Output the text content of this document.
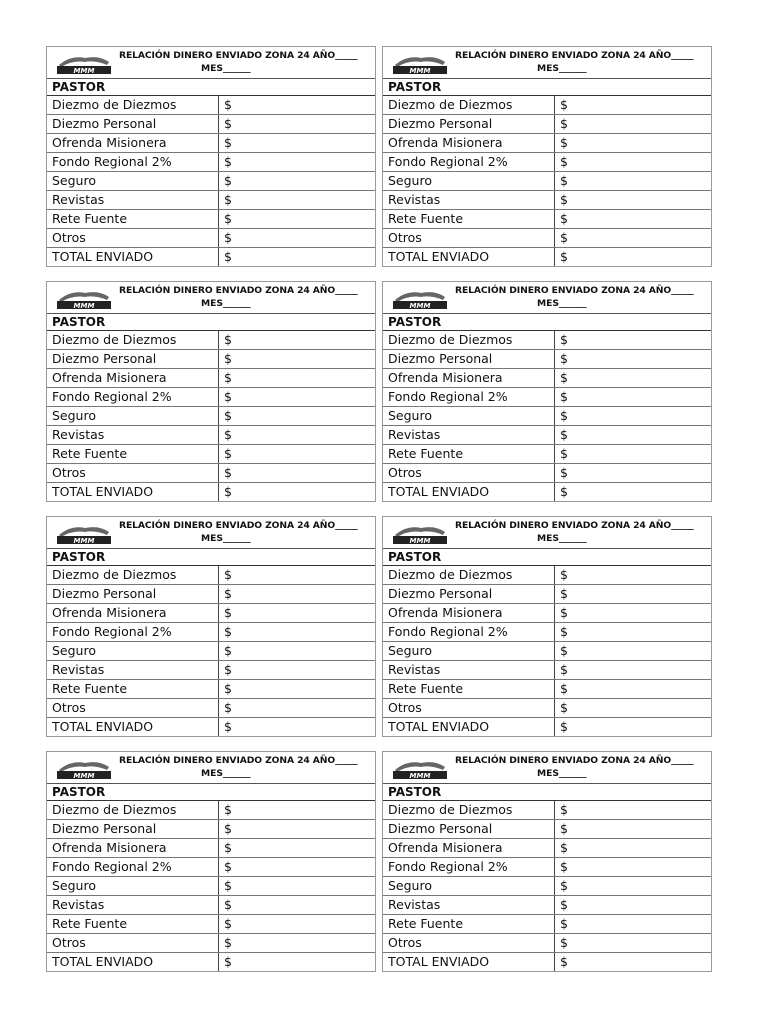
MMM
RELACIÓN DINERO ENVIADO ZONA 24 AÑO_____
MES______
PASTOR
Diezmo de Diezmos	$
Diezmo Personal	$
Ofrenda Misionera	$
Fondo Regional 2%	$
Seguro	$
Revistas	$
Rete Fuente	$
Otros	$
TOTAL ENVIADO	$
MMM
RELACIÓN DINERO ENVIADO ZONA 24 AÑO_____
MES______
PASTOR
Diezmo de Diezmos	$
Diezmo Personal	$
Ofrenda Misionera	$
Fondo Regional 2%	$
Seguro	$
Revistas	$
Rete Fuente	$
Otros	$
TOTAL ENVIADO	$
MMM
RELACIÓN DINERO ENVIADO ZONA 24 AÑO_____
MES______
PASTOR
Diezmo de Diezmos	$
Diezmo Personal	$
Ofrenda Misionera	$
Fondo Regional 2%	$
Seguro	$
Revistas	$
Rete Fuente	$
Otros	$
TOTAL ENVIADO	$
MMM
RELACIÓN DINERO ENVIADO ZONA 24 AÑO_____
MES______
PASTOR
Diezmo de Diezmos	$
Diezmo Personal	$
Ofrenda Misionera	$
Fondo Regional 2%	$
Seguro	$
Revistas	$
Rete Fuente	$
Otros	$
TOTAL ENVIADO	$
MMM
RELACIÓN DINERO ENVIADO ZONA 24 AÑO_____
MES______
PASTOR
Diezmo de Diezmos	$
Diezmo Personal	$
Ofrenda Misionera	$
Fondo Regional 2%	$
Seguro	$
Revistas	$
Rete Fuente	$
Otros	$
TOTAL ENVIADO	$
MMM
RELACIÓN DINERO ENVIADO ZONA 24 AÑO_____
MES______
PASTOR
Diezmo de Diezmos	$
Diezmo Personal	$
Ofrenda Misionera	$
Fondo Regional 2%	$
Seguro	$
Revistas	$
Rete Fuente	$
Otros	$
TOTAL ENVIADO	$
MMM
RELACIÓN DINERO ENVIADO ZONA 24 AÑO_____
MES______
PASTOR
Diezmo de Diezmos	$
Diezmo Personal	$
Ofrenda Misionera	$
Fondo Regional 2%	$
Seguro	$
Revistas	$
Rete Fuente	$
Otros	$
TOTAL ENVIADO	$
MMM
RELACIÓN DINERO ENVIADO ZONA 24 AÑO_____
MES______
PASTOR
Diezmo de Diezmos	$
Diezmo Personal	$
Ofrenda Misionera	$
Fondo Regional 2%	$
Seguro	$
Revistas	$
Rete Fuente	$
Otros	$
TOTAL ENVIADO	$
